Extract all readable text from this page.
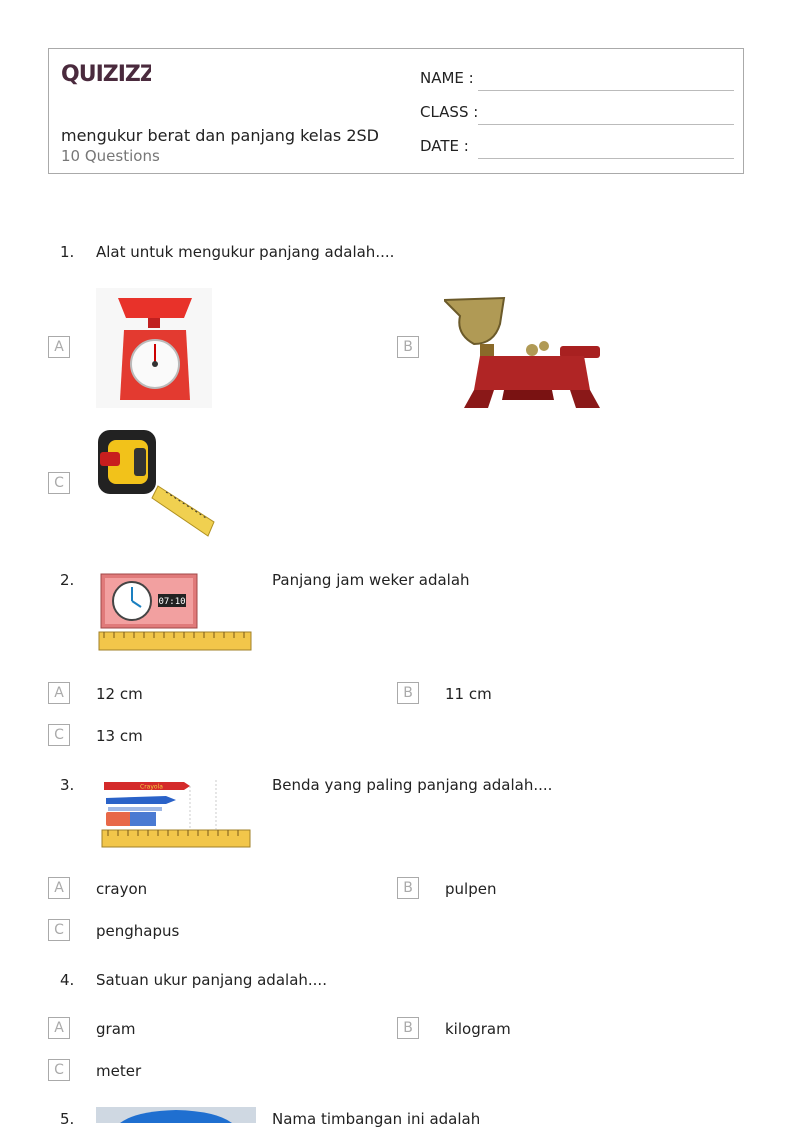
QUIZIZZ
mengukur berat dan panjang kelas 2SD
10 Questions
NAME :
CLASS :
DATE :
1. Alat untuk mengukur panjang adalah....
A	B
C
2.
07:10
Panjang jam weker adalah
A	12 cm	B	11 cm
C	13 cm
3.	Crayola	Benda yang paling panjang adalah....
A	crayon	B	pulpen
C	penghapus
4. Satuan ukur panjang adalah....
A	gram	B	kilogram
C	meter
5.	Nama timbangan ini adalah
